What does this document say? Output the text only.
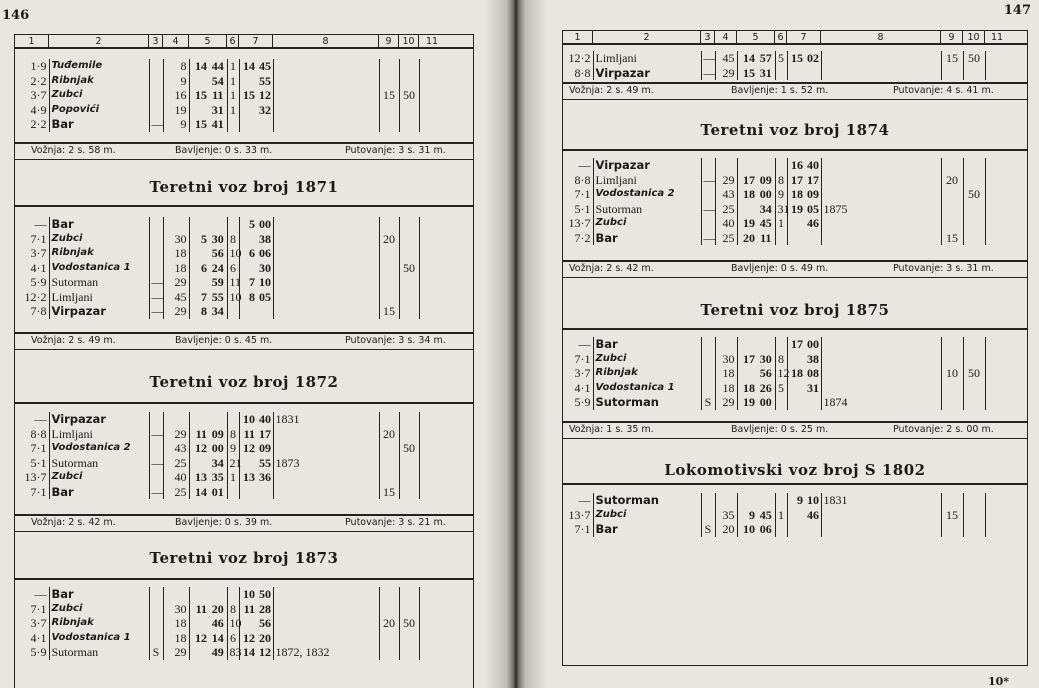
146
1	2	3	4	5	6	7	8	9	10	11
1·9	Tuđemile		8	14	44	1	14	45				
2·2	Ribnjak		9		54	1		55				
3·7	Zubci		16	15	11	1	15	12		15	50	
4·9	Popovići		19		31	1		32				
2·2	Bar	—	9	15	41							
Vožnja: 2 s. 58 m.	Bavljenje: 0 s. 33 m.	Putovanje: 3 s. 31 m.
Teretni voz broj 1871
—	Bar						5	00				
7·1	Zubci		30	5	30	8		38		20		
3·7	Ribnjak		18		56	10	6	06				
4·1	Vodostanica 1		18	6	24	6		30			50	
5·9	Sutorman	—	29		59	11	7	10				
12·2	Limljani	—	45	7	55	10	8	05				
7·8	Virpazar	—	29	8	34					15		
Vožnja: 2 s. 49 m.	Bavljenje: 0 s. 45 m.	Putovanje: 3 s. 34 m.
Teretni voz broj 1872
—	Virpazar						10	40	1831			
8·8	Limljani	—	29	11	09	8	11	17		20		
7·1	Vodostanica 2		43	12	00	9	12	09			50	
5·1	Sutorman	—	25		34	21		55	1873			
13·7	Zubci		40	13	35	1	13	36				
7·1	Bar	—	25	14	01					15		
Vožnja: 2 s. 42 m.	Bavljenje: 0 s. 39 m.	Putovanje: 3 s. 21 m.
Teretni voz broj 1873
—	Bar						10	50				
7·1	Zubci		30	11	20	8	11	28				
3·7	Ribnjak		18		46	10		56		20	50	
4·1	Vodostanica 1		18	12	14	6	12	20				
5·9	Sutorman	S	29		49	83	14	12	1872, 1832			
147
1	2	3	4	5	6	7	8	9	10	11
12·2	Limljani	—	45	14	57	5	15	02		15	50	
8·8	Virpazar	—	29	15	31							
Vožnja: 2 s. 49 m.	Bavljenje: 1 s. 52 m.	Putovanje: 4 s. 41 m.
Teretni voz broj 1874
—	Virpazar						16	40				
8·8	Limljani	—	29	17	09	8	17	17		20		
7·1	Vodostanica 2		43	18	00	9	18	09			50	
5·1	Sutorman	—	25		34	31	19	05	1875			
13·7	Zubci		40	19	45	1		46				
7·2	Bar	—	25	20	11					15		
Vožnja: 2 s. 42 m.	Bavljenje: 0 s. 49 m.	Putovanje: 3 s. 31 m.
Teretni voz broj 1875
—	Bar						17	00				
7·1	Zubci		30	17	30	8		38				
3·7	Ribnjak		18		56	12	18	08		10	50	
4·1	Vodostanica 1		18	18	26	5		31				
5·9	Sutorman	S	29	19	00				1874			
Vožnja: 1 s. 35 m.	Bavljenje: 0 s. 25 m.	Putovanje: 2 s. 00 m.
Lokomotivski voz broj S 1802
—	Sutorman						9	10	1831			
13·7	Zubci		35	9	45	1		46		15		
7·1	Bar	S	20	10	06							
10*
